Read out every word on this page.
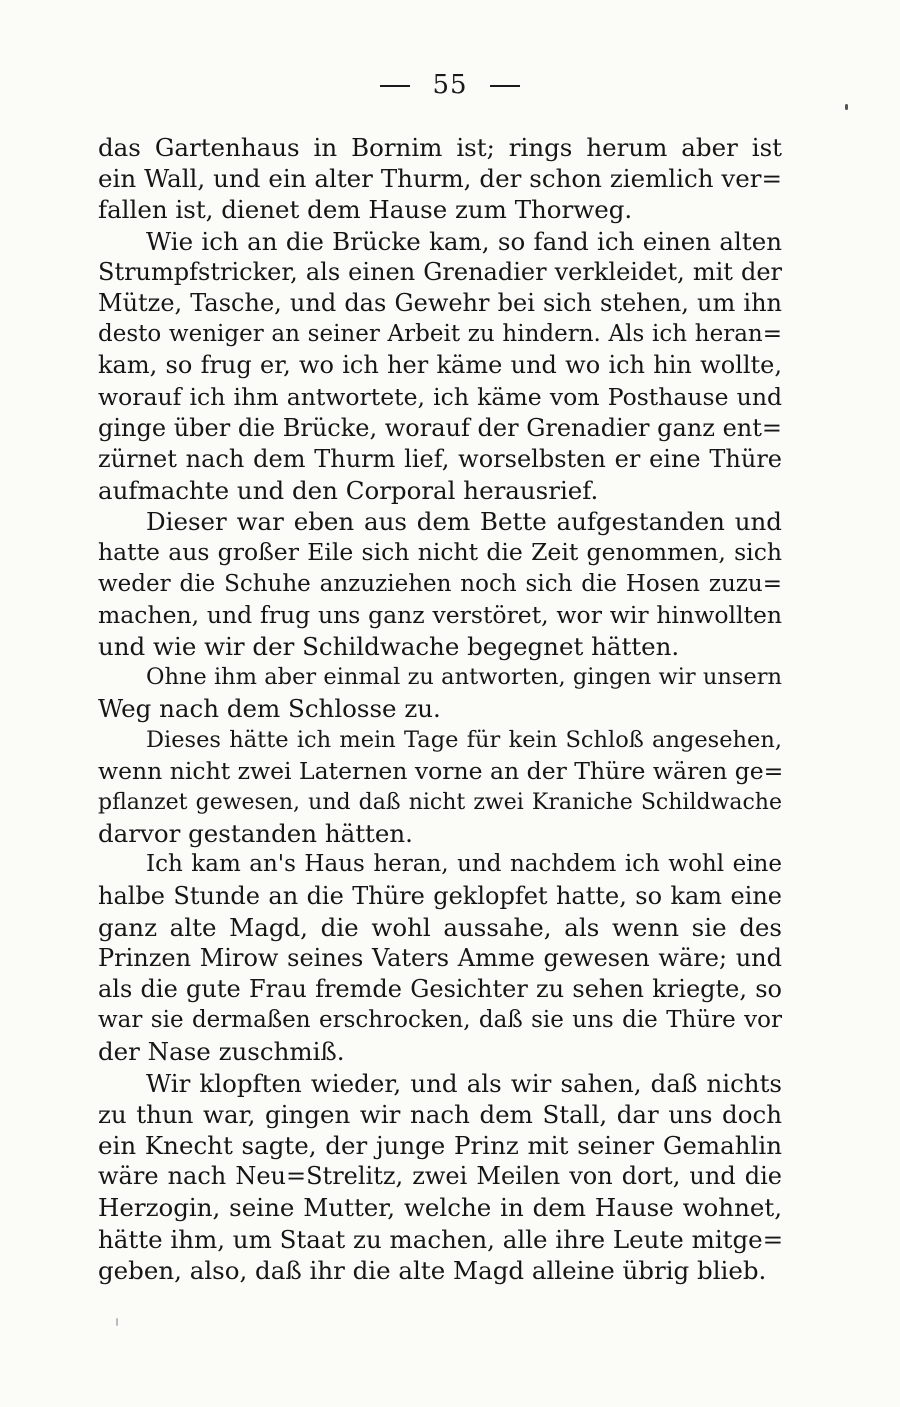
55
das Gartenhaus in Bornim ist; rings herum aber ist
ein Wall, und ein alter Thurm, der schon ziemlich ver=
fallen ist, dienet dem Hause zum Thorweg.
Wie ich an die Brücke kam, so fand ich einen alten
Strumpfstricker, als einen Grenadier verkleidet, mit der
Mütze, Tasche, und das Gewehr bei sich stehen, um ihn
desto weniger an seiner Arbeit zu hindern. Als ich heran=
kam, so frug er, wo ich her käme und wo ich hin wollte,
worauf ich ihm antwortete, ich käme vom Posthause und
ginge über die Brücke, worauf der Grenadier ganz ent=
zürnet nach dem Thurm lief, worselbsten er eine Thüre
aufmachte und den Corporal herausrief.
Dieser war eben aus dem Bette aufgestanden und
hatte aus großer Eile sich nicht die Zeit genommen, sich
weder die Schuhe anzuziehen noch sich die Hosen zuzu=
machen, und frug uns ganz verstöret, wor wir hinwollten
und wie wir der Schildwache begegnet hätten.
Ohne ihm aber einmal zu antworten, gingen wir unsern
Weg nach dem Schlosse zu.
Dieses hätte ich mein Tage für kein Schloß angesehen,
wenn nicht zwei Laternen vorne an der Thüre wären ge=
pflanzet gewesen, und daß nicht zwei Kraniche Schildwache
darvor gestanden hätten.
Ich kam an's Haus heran, und nachdem ich wohl eine
halbe Stunde an die Thüre geklopfet hatte, so kam eine
ganz alte Magd, die wohl aussahe, als wenn sie des
Prinzen Mirow seines Vaters Amme gewesen wäre; und
als die gute Frau fremde Gesichter zu sehen kriegte, so
war sie dermaßen erschrocken, daß sie uns die Thüre vor
der Nase zuschmiß.
Wir klopften wieder, und als wir sahen, daß nichts
zu thun war, gingen wir nach dem Stall, dar uns doch
ein Knecht sagte, der junge Prinz mit seiner Gemahlin
wäre nach Neu=Strelitz, zwei Meilen von dort, und die
Herzogin, seine Mutter, welche in dem Hause wohnet,
hätte ihm, um Staat zu machen, alle ihre Leute mitge=
geben, also, daß ihr die alte Magd alleine übrig blieb.
